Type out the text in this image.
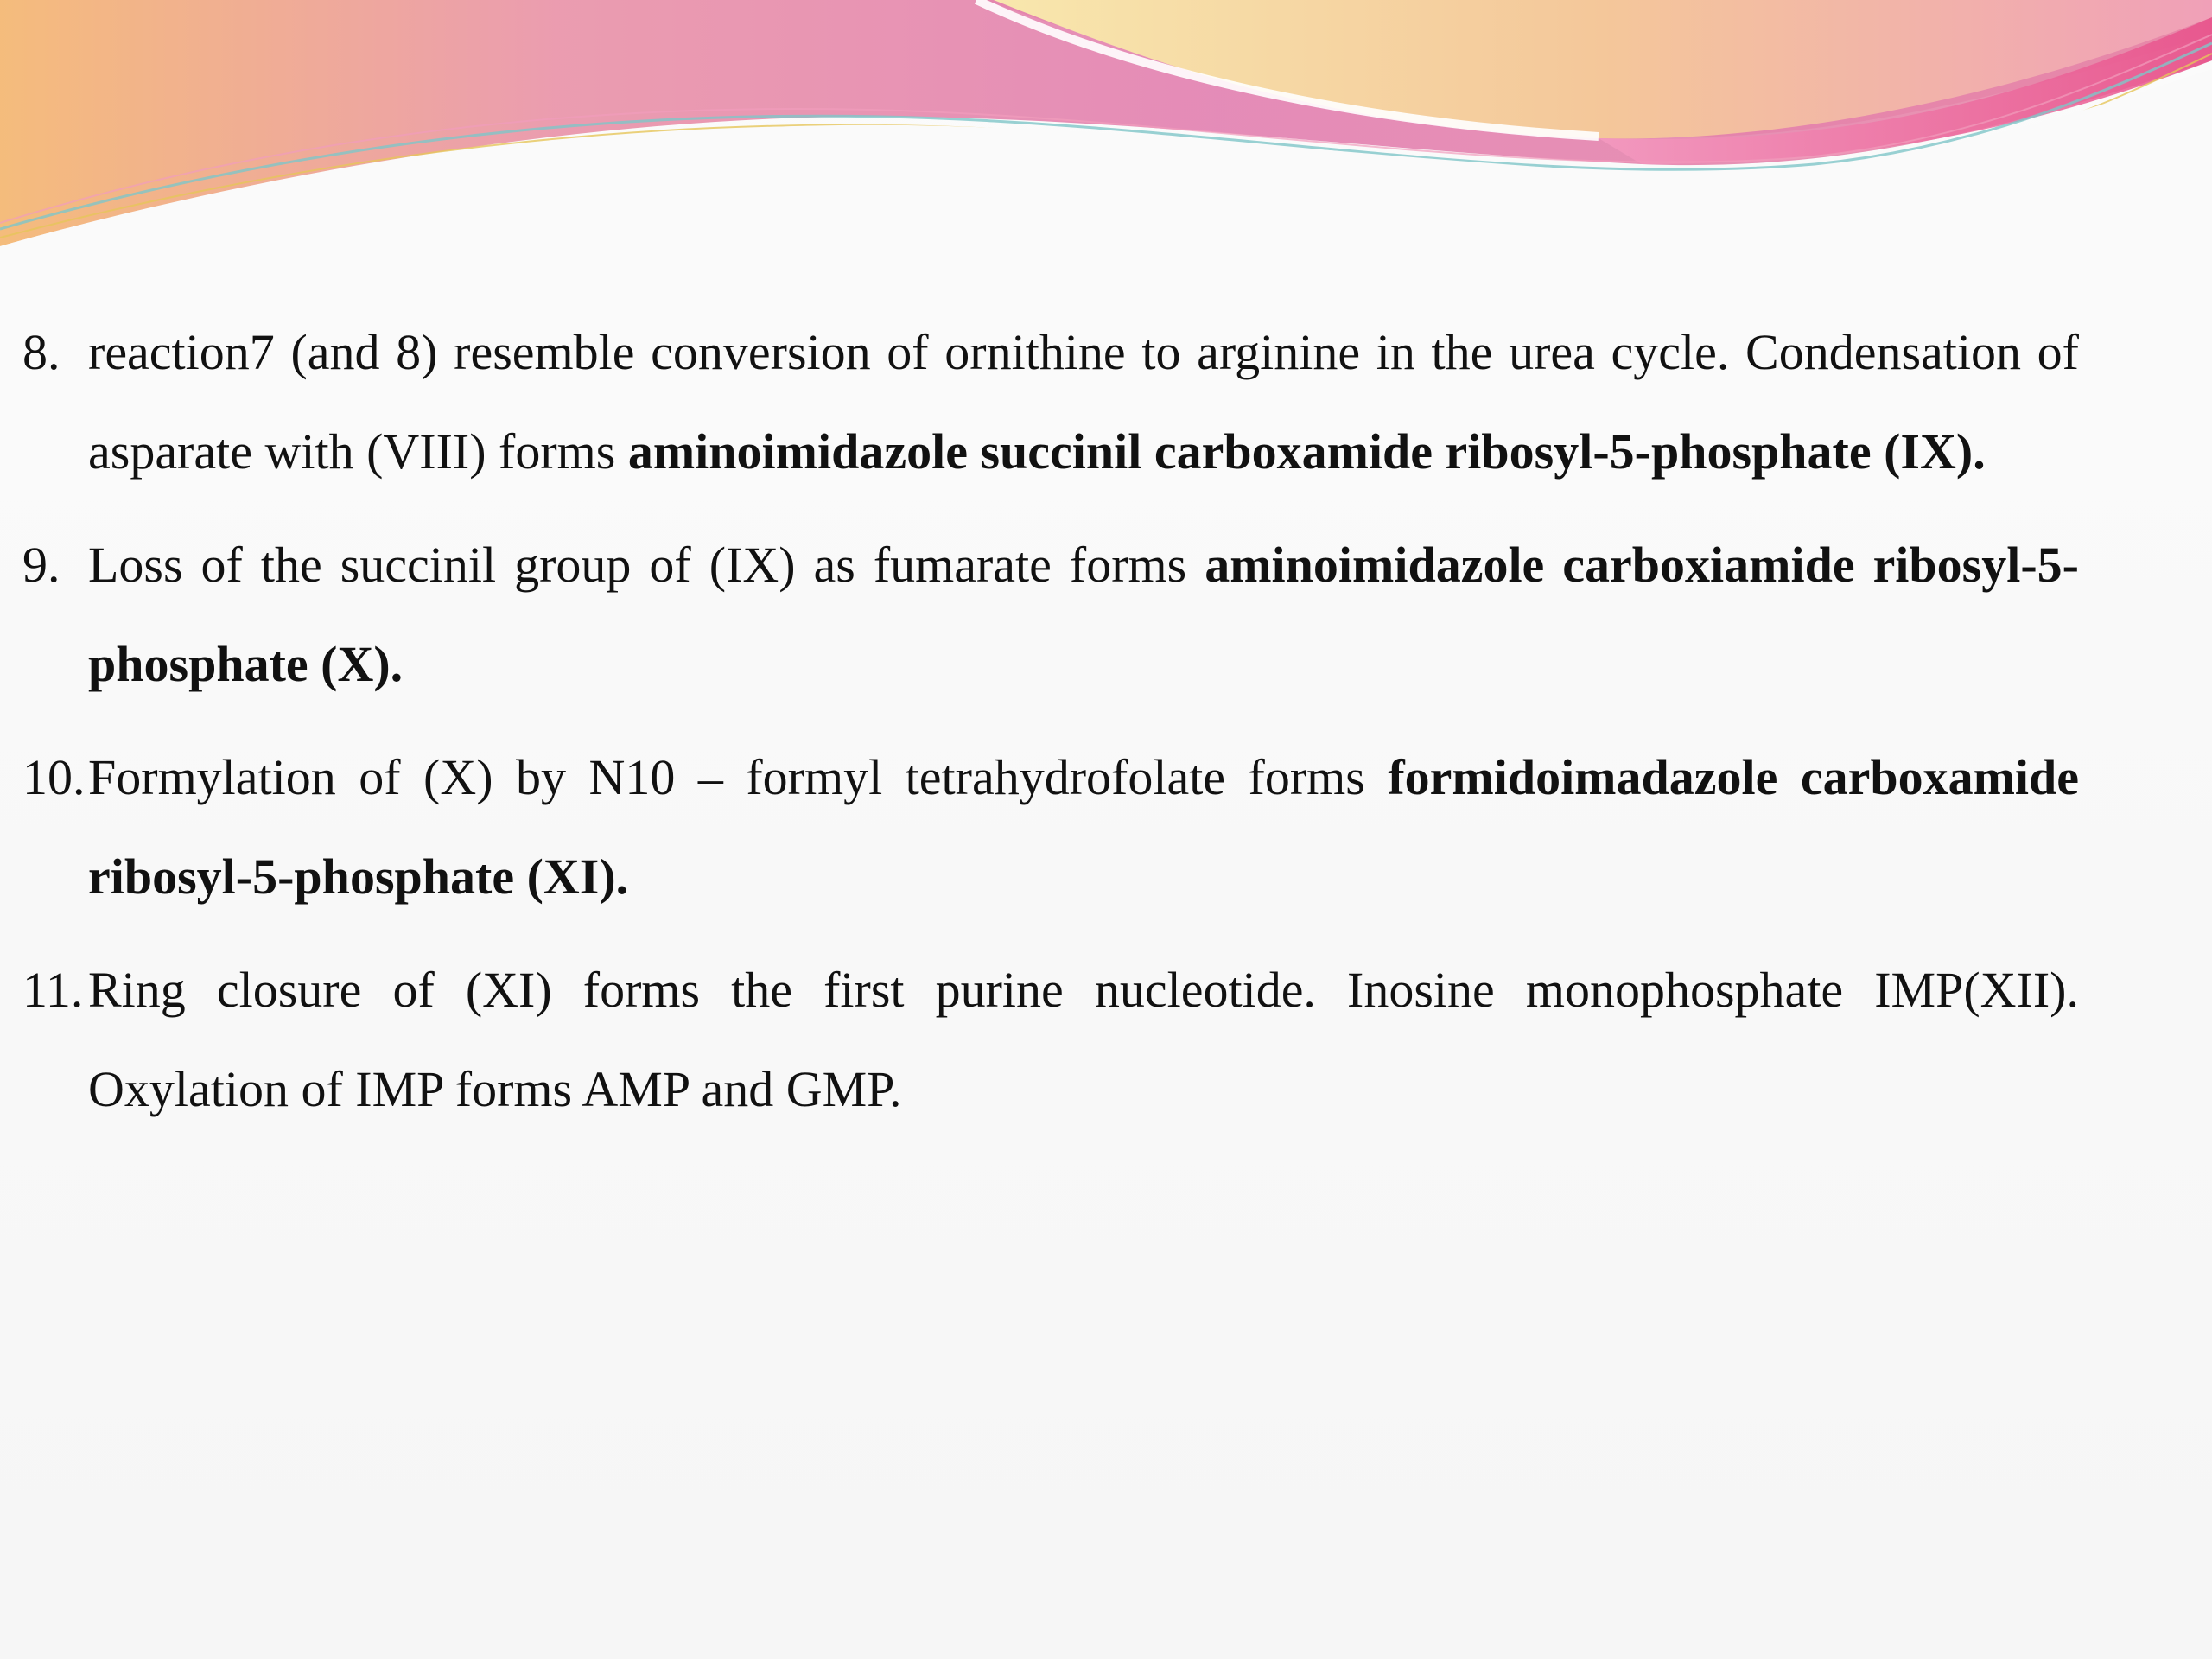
8. reaction7 (and 8) resemble conversion of ornithine to arginine in the urea cycle. Condensation of asparate with (VIII) forms aminoimidazole succinil carboxamide ribosyl-5-phosphate (IX).
9. Loss of the succinil group of (IX) as fumarate forms aminoimidazole carboxiamide ribosyl-5-phosphate (X).
10. Formylation of (X) by N10 – formyl tetrahydrofolate forms formidoimadazole carboxamide ribosyl-5-phosphate (XI).
11. Ring closure of (XI) forms the first purine nucleotide. Inosine monophosphate IMP(XII). Oxylation of IMP forms AMP and GMP.
